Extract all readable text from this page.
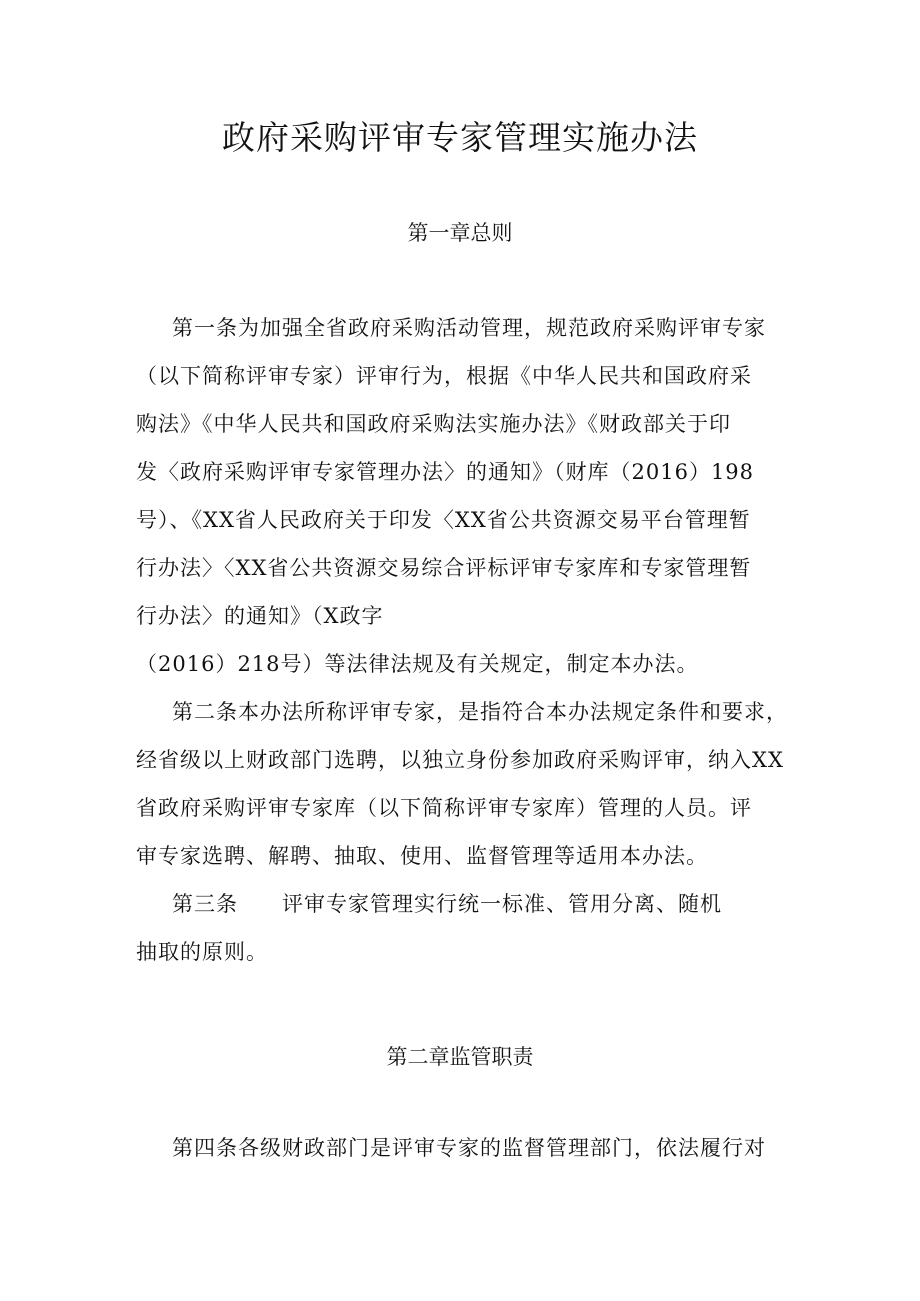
政府采购评审专家管理实施办法
第一章总则
第一条为加强全省政府采购活动管理，规范政府采购评审专家
（以下简称评审专家）评审行为，根据《中华人民共和国政府采
购法》《中华人民共和国政府采购法实施办法》《财政部关于印
发〈政府采购评审专家管理办法〉的通知》（财库（2016）198
号）、《XX省人民政府关于印发〈XX省公共资源交易平台管理暂
行办法〉〈XX省公共资源交易综合评标评审专家库和专家管理暂
行办法〉的通知》（X政字
（2016）218号）等法律法规及有关规定，制定本办法。
第二条本办法所称评审专家，是指符合本办法规定条件和要求，
经省级以上财政部门选聘，以独立身份参加政府采购评审，纳入XX
省政府采购评审专家库（以下简称评审专家库）管理的人员。评
审专家选聘、解聘、抽取、使用、监督管理等适用本办法。
第三条　　评审专家管理实行统一标准、管用分离、随机
抽取的原则。
第二章监管职责
第四条各级财政部门是评审专家的监督管理部门，依法履行对
